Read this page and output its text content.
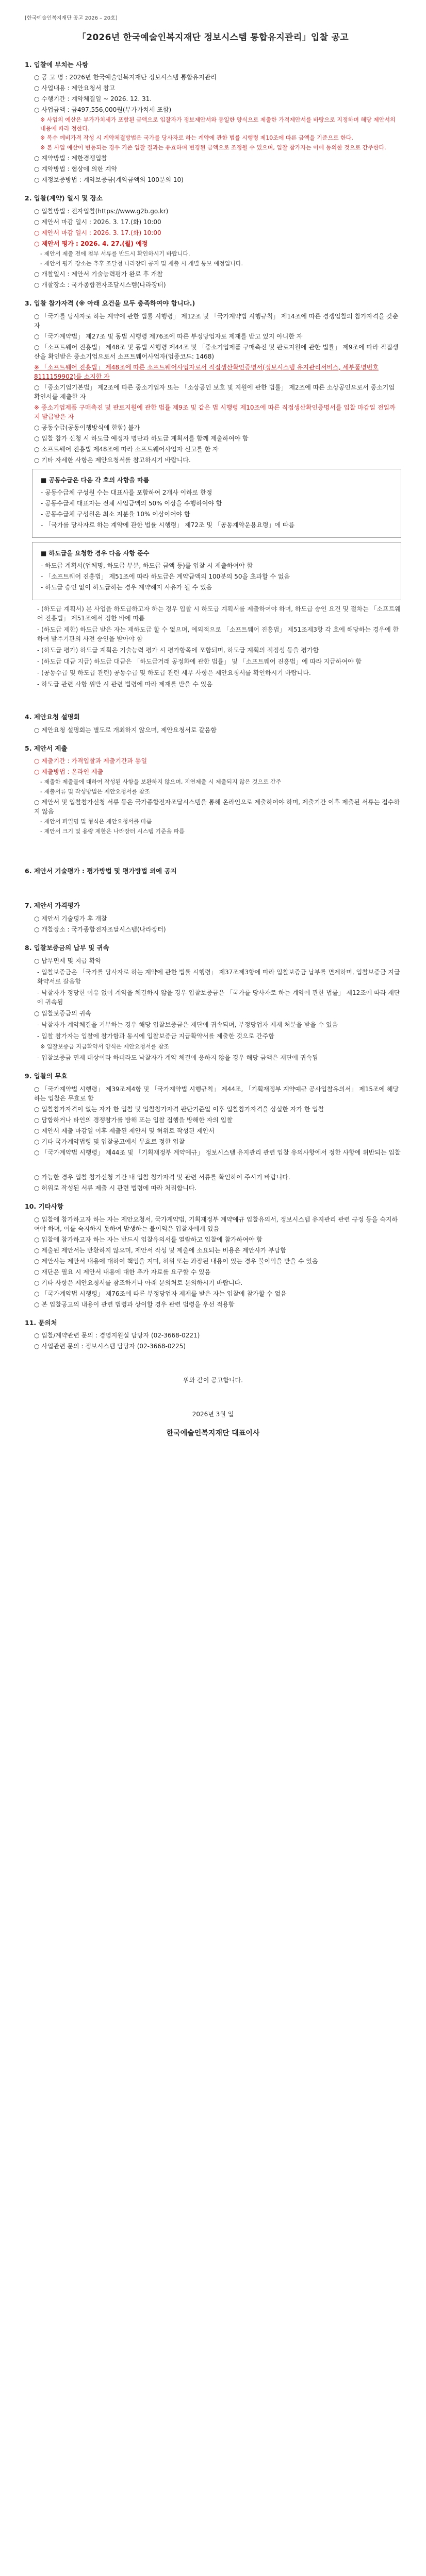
[한국예술인복지재단 공고 2026 – 20호]
「2026년 한국예술인복지재단 정보시스템 통합유지관리」입찰 공고
1. 입찰에 부치는 사항
○ 공 고 명 : 2026년 한국예술인복지재단 정보시스템 통합유지관리
○ 사업내용 : 제안요청서 참고
○ 수행기간 : 계약체결일 ~ 2026. 12. 31.
○ 사업금액 : 금497,556,000원(부가가치세 포함)
※ 사업의 예산은 부가가치세가 포함된 금액으로 입찰자가 정보제안서와 동일한 양식으로 제출한 가격제안서를 바탕으로 지정하며 해당 제안서의 내용에 따라 정한다.
※ 복수 예비가격 작성 시 계약체결방법은 국가를 당사자로 하는 계약에 관한 법률 시행령 제10조에 따른 금액을 기준으로 한다.
※ 본 사업 예산이 변동되는 경우 기존 입찰 결과는 유효하며 변경된 금액으로 조정될 수 있으며, 입찰 참가자는 이에 동의한 것으로 간주한다.
○ 계약방법 : 제한경쟁입찰
○ 계약방법 : 협상에 의한 계약
○ 재정보증방법 : 계약보증금(계약금액의 100분의 10)
2. 입찰(계약) 일시 및 장소
○ 입찰방법 : 전자입찰(https://www.g2b.go.kr)
○ 제안서 마감 일시 : 2026. 3. 17.(화) 10:00
○ 제안서 마감 일시 : 2026. 3. 17.(화) 10:00
○ 제안서 평가 : 2026. 4. 27.(월) 예정
- 제안서 제출 전에 첨부 서류를 반드시 확인하시기 바랍니다.
- 제안서 평가 장소는 추후 조달청 나라장터 공지 및 제출 시 개별 통보 예정입니다.
○ 개찰일시 : 제안서 기술능력평가 완료 후 개찰
○ 개찰장소 : 국가종합전자조달시스템(나라장터)
3. 입찰 참가자격 (※ 아래 요건을 모두 충족하여야 합니다.)
○ 「국가를 당사자로 하는 계약에 관한 법률 시행령」 제12조 및 「국가계약법 시행규칙」 제14조에 따른 경쟁입찰의 참가자격을 갖춘 자
○ 「국가계약법」 제27조 및 동법 시행령 제76조에 따른 부정당업자로 제재를 받고 있지 아니한 자
○ 「소프트웨어 진흥법」 제48조 및 동법 시행령 제44조 및 「중소기업제품 구매촉진 및 판로지원에 관한 법률」 제9조에 따라 직접생산을 확인받은 중소기업으로서 소프트웨어사업자(업종코드: 1468)
※ 「소프트웨어 진흥법」 제48조에 따른 소프트웨어사업자로서 직접생산확인증명서(정보시스템 유지관리서비스, 세부품명번호 8111159902)를 소지한 자
○ 「중소기업기본법」 제2조에 따른 중소기업자 또는 「소상공인 보호 및 지원에 관한 법률」 제2조에 따른 소상공인으로서 중소기업 확인서를 제출한 자
※ 중소기업제품 구매촉진 및 판로지원에 관한 법률 제9조 및 같은 법 시행령 제10조에 따른 직접생산확인증명서를 입찰 마감일 전일까지 발급받은 자
○ 공동수급(공동이행방식에 한함) 불가
○ 입찰 참가 신청 시 하도급 예정자 명단과 하도급 계획서를 함께 제출하여야 함
○ 소프트웨어 진흥법 제48조에 따라 소프트웨어사업자 신고를 한 자
○ 기타 자세한 사항은 제안요청서를 참고하시기 바랍니다.
■ 공동수급은 다음 각 호의 사항을 따름

- 공동수급체 구성원 수는 대표사를 포함하여 2개사 이하로 한정

- 공동수급체 대표자는 전체 사업금액의 50% 이상을 수행하여야 함

- 공동수급체 구성원은 최소 지분율 10% 이상이어야 함

- 「국가를 당사자로 하는 계약에 관한 법률 시행령」 제72조 및 「공동계약운용요령」에 따름

■ 하도급을 요청한 경우 다음 사항 준수

- 하도급 계획서(업체명, 하도급 부분, 하도급 금액 등)를 입찰 시 제출하여야 함

- 「소프트웨어 진흥법」 제51조에 따라 하도급은 계약금액의 100분의 50을 초과할 수 없음

- 하도급 승인 없이 하도급하는 경우 계약해지 사유가 될 수 있음

- (하도급 계획서) 본 사업을 하도급하고자 하는 경우 입찰 시 하도급 계획서를 제출하여야 하며, 하도급 승인 요건 및 절차는 「소프트웨어 진흥법」 제51조에서 정한 바에 따름
- (하도급 제한) 하도급 받은 자는 재하도급 할 수 없으며, 예외적으로 「소프트웨어 진흥법」 제51조제3항 각 호에 해당하는 경우에 한하여 발주기관의 사전 승인을 받아야 함
- (하도급 평가) 하도급 계획은 기술능력 평가 시 평가항목에 포함되며, 하도급 계획의 적정성 등을 평가함
- (하도급 대금 지급) 하도급 대금은 「하도급거래 공정화에 관한 법률」 및 「소프트웨어 진흥법」에 따라 지급하여야 함
- (공동수급 및 하도급 관련) 공동수급 및 하도급 관련 세부 사항은 제안요청서를 확인하시기 바랍니다.
- 하도급 관련 사항 위반 시 관련 법령에 따라 제재를 받을 수 있음
4. 제안요청 설명회
○ 제안요청 설명회는 별도로 개최하지 않으며, 제안요청서로 갈음함
5. 제안서 제출
○ 제출기간 : 가격입찰과 제출기간과 동일
○ 제출방법 : 온라인 제출
- 제출한 제출물에 대하여 작성된 사항을 보완하지 않으며, 지연제출 시 제출되지 않은 것으로 간주
- 제출서류 및 작성방법은 제안요청서를 참조
○ 제안서 및 입찰참가신청 서류 등은 국가종합전자조달시스템을 통해 온라인으로 제출하여야 하며, 제출기간 이후 제출된 서류는 접수하지 않음
- 제안서 파일명 및 형식은 제안요청서를 따름
- 제안서 크기 및 용량 제한은 나라장터 시스템 기준을 따름
6. 제안서 기술평가 : 평가방법 및 평가방법 외에 공지
7. 제안서 가격평가
○ 제안서 기술평가 후 개찰
○ 개찰장소 : 국가종합전자조달시스템(나라장터)
8. 입찰보증금의 납부 및 귀속
○ 납부면제 및 지급 확약
- 입찰보증금은 「국가를 당사자로 하는 계약에 관한 법률 시행령」 제37조제3항에 따라 입찰보증금 납부를 면제하며, 입찰보증금 지급확약서로 갈음함
- 낙찰자가 정당한 이유 없이 계약을 체결하지 않을 경우 입찰보증금은 「국가를 당사자로 하는 계약에 관한 법률」 제12조에 따라 재단에 귀속됨
○ 입찰보증금의 귀속
- 낙찰자가 계약체결을 거부하는 경우 해당 입찰보증금은 재단에 귀속되며, 부정당업자 제재 처분을 받을 수 있음
- 입찰 참가자는 입찰에 참가함과 동시에 입찰보증금 지급확약서를 제출한 것으로 간주함
※ 입찰보증금 지급확약서 양식은 제안요청서를 참조
- 입찰보증금 면제 대상이라 하더라도 낙찰자가 계약 체결에 응하지 않을 경우 해당 금액은 재단에 귀속됨
9. 입찰의 무효
○ 「국가계약법 시행령」 제39조제4항 및 「국가계약법 시행규칙」 제44조, 「기획재정부 계약예규 공사입찰유의서」 제15조에 해당하는 입찰은 무효로 함
○ 입찰참가자격이 없는 자가 한 입찰 및 입찰참가자격 판단기준일 이후 입찰참가자격을 상실한 자가 한 입찰
○ 담합하거나 타인의 경쟁참가를 방해 또는 입찰 집행을 방해한 자의 입찰
○ 제안서 제출 마감일 이후 제출된 제안서 및 허위로 작성된 제안서
○ 기타 국가계약법령 및 입찰공고에서 무효로 정한 입찰
○ 「국가계약법 시행령」 제44조 및 「기획재정부 계약예규」 정보시스템 유지관리 관련 입찰 유의사항에서 정한 사항에 위반되는 입찰
○ 가능한 경우 입찰 참가신청 기간 내 입찰 참가자격 및 관련 서류를 확인하여 주시기 바랍니다.
○ 허위로 작성된 서류 제출 시 관련 법령에 따라 처리합니다.
10. 기타사항
○ 입찰에 참가하고자 하는 자는 제안요청서, 국가계약법, 기획재정부 계약예규 입찰유의서, 정보시스템 유지관리 관련 규정 등을 숙지하여야 하며, 이를 숙지하지 못하여 발생하는 불이익은 입찰자에게 있음
○ 입찰에 참가하고자 하는 자는 반드시 입찰유의서를 열람하고 입찰에 참가하여야 함
○ 제출된 제안서는 반환하지 않으며, 제안서 작성 및 제출에 소요되는 비용은 제안사가 부담함
○ 제안사는 제안서 내용에 대하여 책임을 지며, 허위 또는 과장된 내용이 있는 경우 불이익을 받을 수 있음
○ 재단은 필요 시 제안서 내용에 대한 추가 자료를 요구할 수 있음
○ 기타 사항은 제안요청서를 참조하거나 아래 문의처로 문의하시기 바랍니다.
○ 「국가계약법 시행령」 제76조에 따른 부정당업자 제재를 받은 자는 입찰에 참가할 수 없음
○ 본 입찰공고의 내용이 관련 법령과 상이할 경우 관련 법령을 우선 적용함
11. 문의처
○ 입찰/계약관련 문의 : 경영지원실 담당자 (02-3668-0221)
○ 사업관련 문의 : 정보시스템 담당자 (02-3668-0225)
위와 같이 공고합니다.
2026년 3월 일
한국예술인복지재단 대표이사
